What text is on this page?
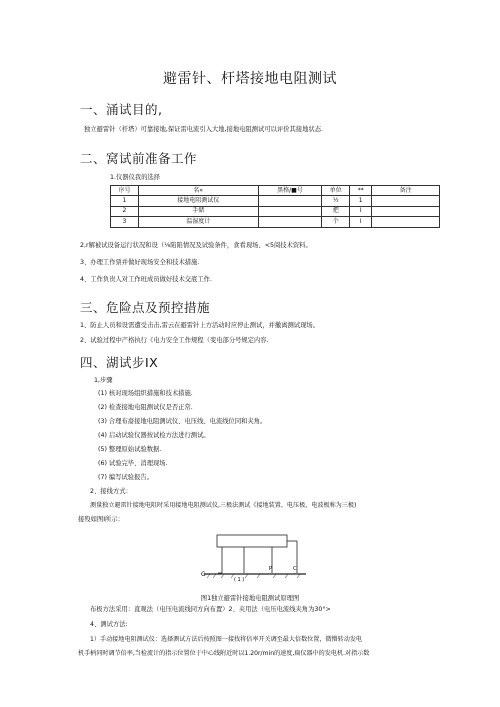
避雷针、杆塔接地电阻测试
一、涌试目的,
独立避雷针（杆塔）可靠接地,保证雷电流引入大地,接地电阻测试可以评价其接地状态.
二、窝试前准备工作
1.仪器仪我的选择
序号	名«	黑格/■号	单位	**	备注
1	接地电阻测试仪		½	1	
2	手储		把	I	
3	温湿度计		个	I	
2,r解被试设备运行状况和设（⅛陷陷情况及试验条件，食看现场、<5阅技术资料。
3、办理工作票并做好现场安全和技术措施.
4、工作负贵人对工作班成员做好技术交底工作.
三、危险点及预控措施
1、防止人员和设需遭受击击,雷云在避雷针上方活动时应停止测试，并撤离测试现场。
2、试验过程中产格执行《电力安全工作规程（变电部分号规定内容.
四、湖试步IX
1,步骤
(1) 核对现场组织措施和技术措施.
(2) 检查接地电阻测试仪是否正常.
(3) 合理布裔接地电阻测试仪、电压线、电流线位同和夹角。
(4) 启动试验仪器按试检方法进行测试。
(5) 整理原始试验数据.
(6) 试验完毕、消理现场.
(7) 编写试验报告。
2、接线方式：
测量独立避雷针接地电阻时采用接地电阻测试仪,三极法测试《接地装置、电压极、电波极称为三极)
接殁如图I所示：
G
P	C
( 1 )
图1独立避雷针接地电阻测试原理图
布极方法采用：直观法（电压电流线同方向布置）2、夹用法（电压电流线夹角为30°>
4、测试方法:
1）手动接地电阻测试仪：选择测试方法后按照图一接找将倍率开关调至最大倍数位置，微懵转动发电
机手柄同时调节倍率,当检流计的指示位置位于中心线附近时以1.20r/min的速度,扁仪器中的发电机.对指示数
